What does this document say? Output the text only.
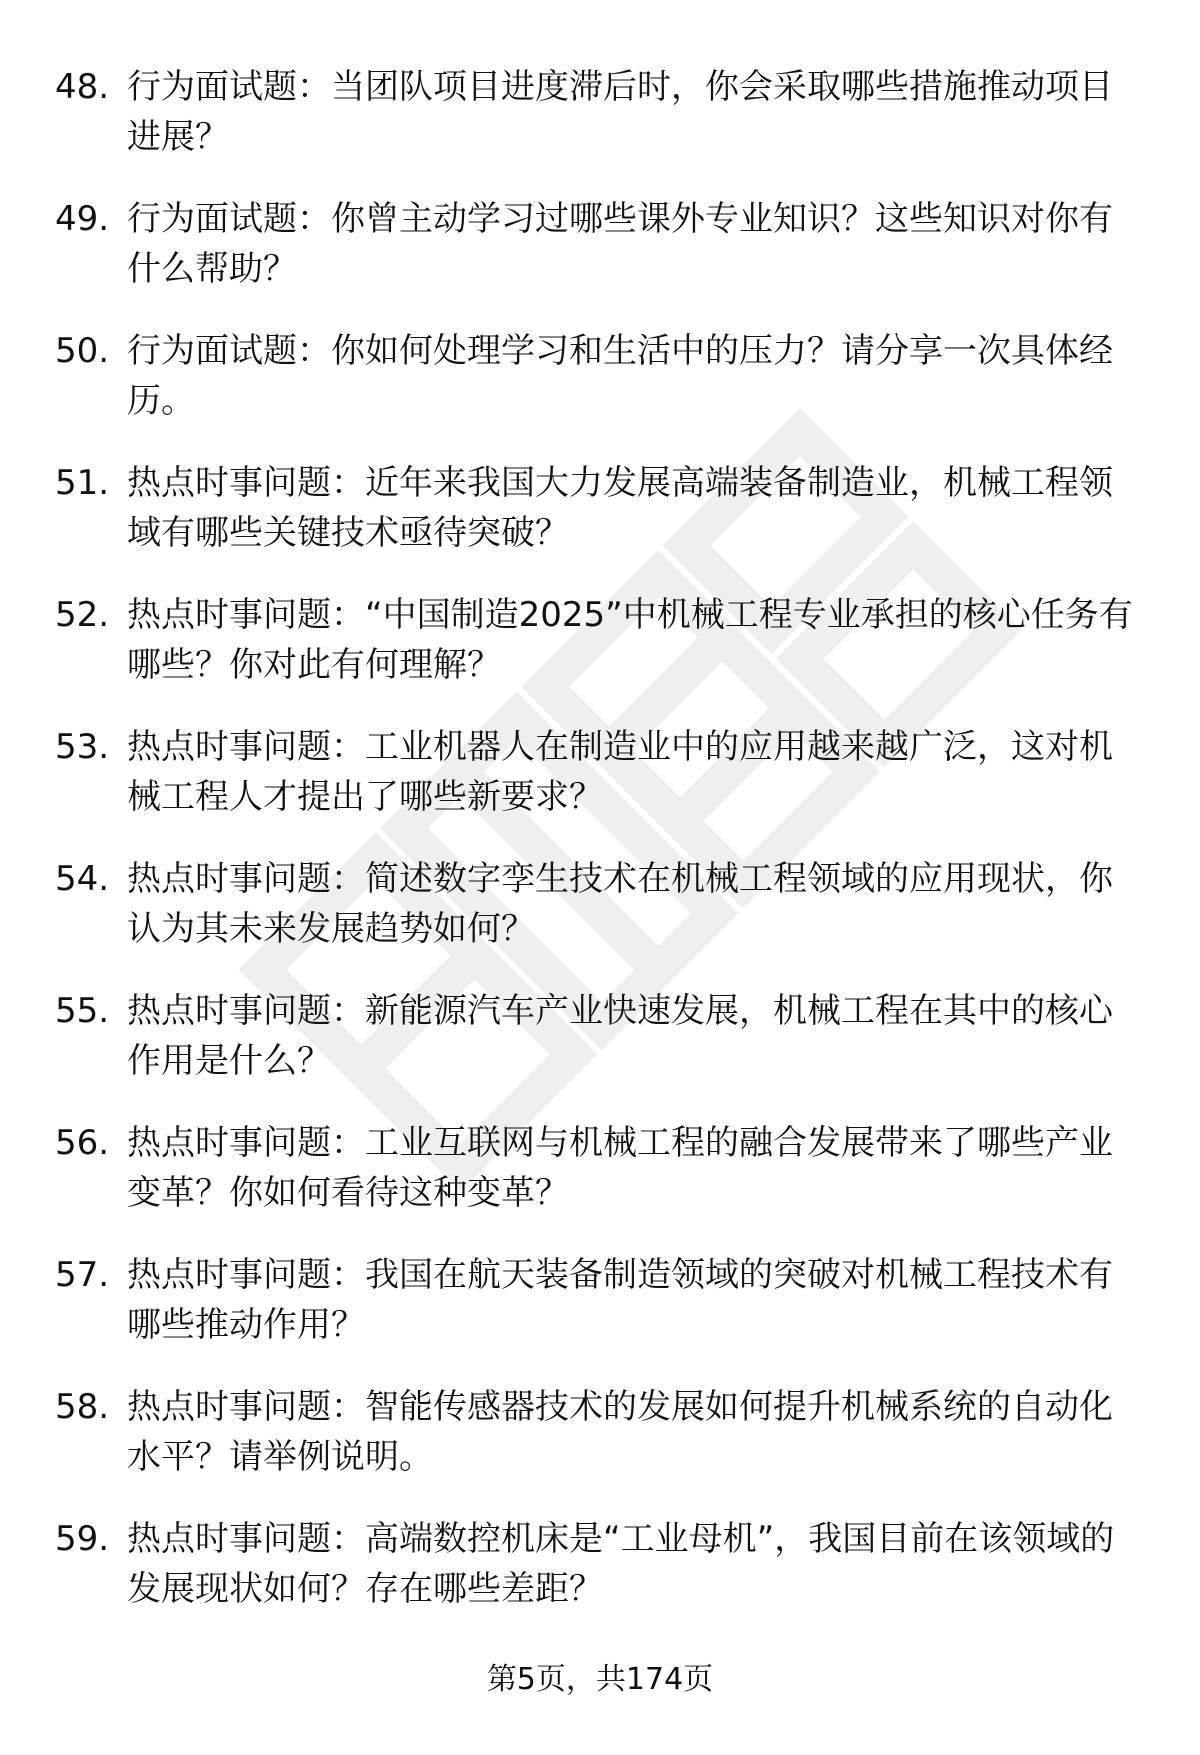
48. 行为面试题：当团队项目进度滞后时，你会采取哪些措施推动项目进展？
49. 行为面试题：你曾主动学习过哪些课外专业知识？这些知识对你有什么帮助？
50. 行为面试题：你如何处理学习和生活中的压力？请分享一次具体经历。
51. 热点时事问题：近年来我国大力发展高端装备制造业，机械工程领域有哪些关键技术亟待突破？
52. 热点时事问题：“中国制造2025”中机械工程专业承担的核心任务有哪些？你对此有何理解？
53. 热点时事问题：工业机器人在制造业中的应用越来越广泛，这对机械工程人才提出了哪些新要求？
54. 热点时事问题：简述数字孪生技术在机械工程领域的应用现状，你认为其未来发展趋势如何？
55. 热点时事问题：新能源汽车产业快速发展，机械工程在其中的核心作用是什么？
56. 热点时事问题：工业互联网与机械工程的融合发展带来了哪些产业变革？你如何看待这种变革？
57. 热点时事问题：我国在航天装备制造领域的突破对机械工程技术有哪些推动作用？
58. 热点时事问题：智能传感器技术的发展如何提升机械系统的自动化水平？请举例说明。
59. 热点时事问题：高端数控机床是“工业母机”，我国目前在该领域的发展现状如何？存在哪些差距？
第5页，共174页
